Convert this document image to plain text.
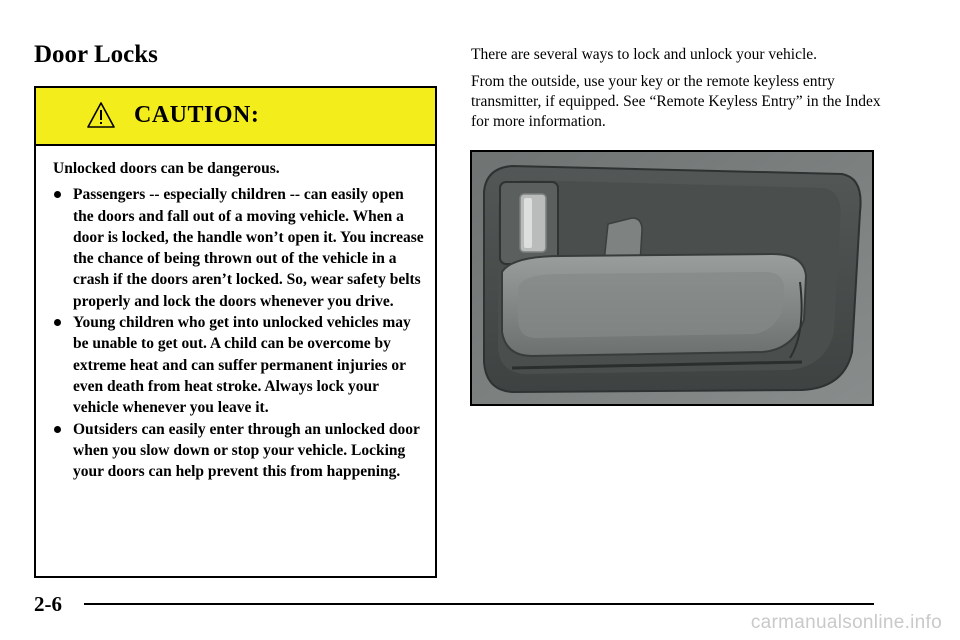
Door Locks
CAUTION:

Unlocked doors can be dangerous.

Passengers -- especially children -- can easily open the doors and fall out of a moving vehicle. When a door is locked, the handle won’t open it. You increase the chance of being thrown out of the vehicle in a crash if the doors aren’t locked. So, wear safety belts properly and lock the doors whenever you drive.
Young children who get into unlocked vehicles may be unable to get out. A child can be overcome by extreme heat and can suffer permanent injuries or even death from heat stroke. Always lock your vehicle whenever you leave it.
Outsiders can easily enter through an unlocked door when you slow down or stop your vehicle. Locking your doors can help prevent this from happening.

There are several ways to lock and unlock your vehicle.

From the outside, use your key or the remote keyless entry transmitter, if equipped. See “Remote Keyless Entry” in the Index for more information.

2-6

carmanualsonline.info
